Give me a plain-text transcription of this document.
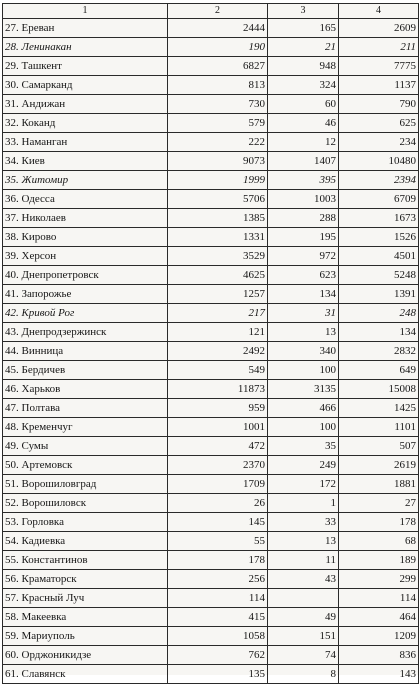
1	2	3	4
27. Ереван	2444	165	2609
28. Ленинакан	190	21	211
29. Ташкент	6827	948	7775
30. Самарканд	813	324	1137
31. Андижан	730	60	790
32. Коканд	579	46	625
33. Наманган	222	12	234
34. Киев	9073	1407	10480
35. Житомир	1999	395	2394
36. Одесса	5706	1003	6709
37. Николаев	1385	288	1673
38. Кирово	1331	195	1526
39. Херсон	3529	972	4501
40. Днепропетровск	4625	623	5248
41. Запорожье	1257	134	1391
42. Кривой Рог	217	31	248
43. Днепродзержинск	121	13	134
44. Винница	2492	340	2832
45. Бердичев	549	100	649
46. Харьков	11873	3135	15008
47. Полтава	959	466	1425
48. Кременчуг	1001	100	1101
49. Сумы	472	35	507
50. Артемовск	2370	249	2619
51. Ворошиловград	1709	172	1881
52. Ворошиловск	26	1	27
53. Горловка	145	33	178
54. Кадиевка	55	13	68
55. Константинов	178	11	189
56. Краматорск	256	43	299
57. Красный Луч	114		114
58. Макеевка	415	49	464
59. Мариуполь	1058	151	1209
60. Орджоникидзе	762	74	836
61. Славянск	135	8	143
